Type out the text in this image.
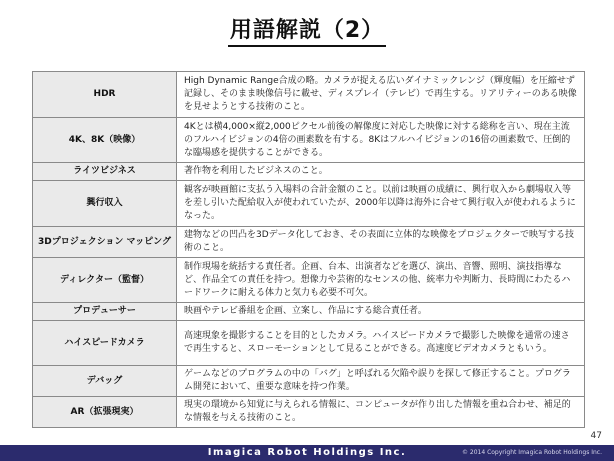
用語解説（2）
HDR	High Dynamic Range合成の略。カメラが捉える広いダイナミックレンジ（輝度幅）を圧縮せず記録し、そのまま映像信号に載せ、ディスプレイ（テレビ）で再生する。リアリティーのある映像を見せようとする技術のこと。
4K、8K（映像）	4Kとは横4,000×縦2,000ピクセル前後の解像度に対応した映像に対する総称を言い、現在主流のフルハイビジョンの4倍の画素数を有する。8Kはフルハイビジョンの16倍の画素数で、圧倒的な臨場感を提供することができる。
ライツビジネス	著作物を利用したビジネスのこと。
興行収入	観客が映画館に支払う入場料の合計金額のこと。以前は映画の成績に、興行収入から劇場収入等を差し引いた配給収入が使われていたが、2000年以降は海外に合せて興行収入が使われるようになった。
3Dプロジェクション マッピング	建物などの凹凸を3Dデータ化しておき、その表面に立体的な映像をプロジェクターで映写する技術のこと。
ディレクター（監督）	制作現場を統括する責任者。企画、台本、出演者などを選び、演出、音響、照明、演技指導など、作品全ての責任を持つ。想像力や芸術的なセンスの他、統率力や判断力、長時間にわたるハードワークに耐える体力と気力も必要不可欠。
プロデューサー	映画やテレビ番組を企画、立案し、作品にする総合責任者。
ハイスピードカメラ	高速現象を撮影することを目的としたカメラ。ハイスピードカメラで撮影した映像を通常の速さで再生すると、スローモーションとして見ることができる。高速度ビデオカメラともいう。
デバッグ	ゲームなどのプログラムの中の「バグ」と呼ばれる欠陥や誤りを探して修正すること。プログラム開発において、重要な意味を持つ作業。
AR（拡張現実）	現実の環境から知覚に与えられる情報に、コンピュータが作り出した情報を重ね合わせ、補足的な情報を与える技術のこと。
47
Imagica Robot Holdings Inc.	© 2014 Copyright Imagica Robot Holdings Inc.
